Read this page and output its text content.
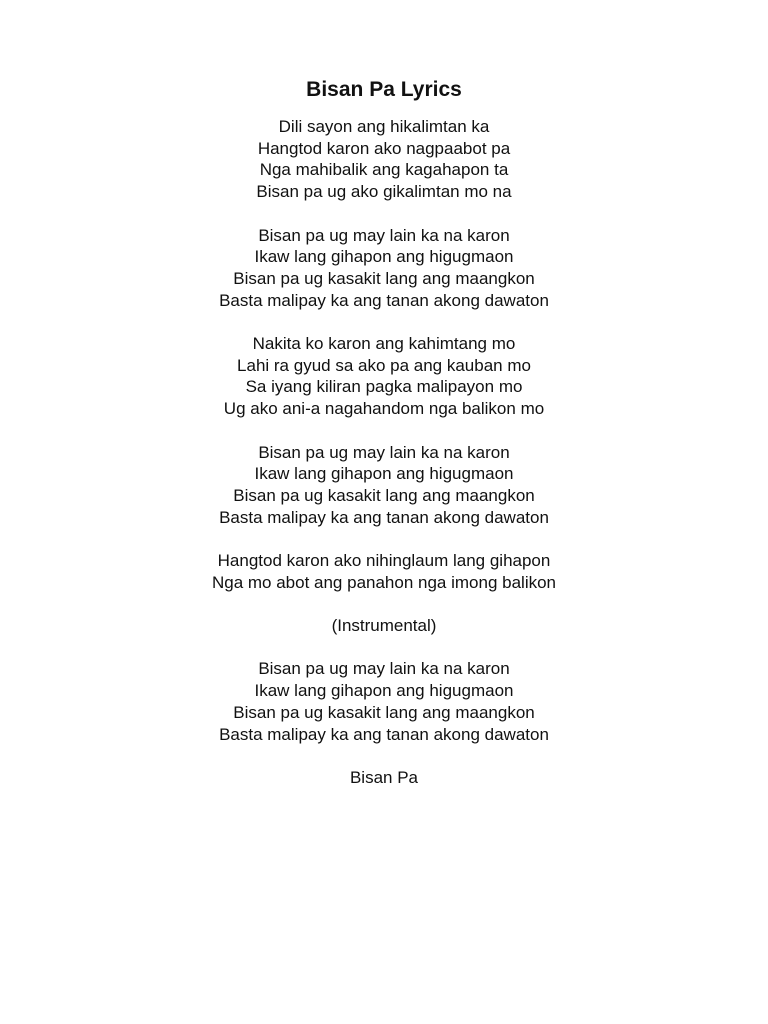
Bisan Pa Lyrics
Dili sayon ang hikalimtan ka
Hangtod karon ako nagpaabot pa
Nga mahibalik ang kagahapon ta
Bisan pa ug ako gikalimtan mo na
Bisan pa ug may lain ka na karon
Ikaw lang gihapon ang higugmaon
Bisan pa ug kasakit lang ang maangkon
Basta malipay ka ang tanan akong dawaton
Nakita ko karon ang kahimtang mo
Lahi ra gyud sa ako pa ang kauban mo
Sa iyang kiliran pagka malipayon mo
Ug ako ani-a nagahandom nga balikon mo
Bisan pa ug may lain ka na karon
Ikaw lang gihapon ang higugmaon
Bisan pa ug kasakit lang ang maangkon
Basta malipay ka ang tanan akong dawaton
Hangtod karon ako nihinglaum lang gihapon
Nga mo abot ang panahon nga imong balikon
(Instrumental)
Bisan pa ug may lain ka na karon
Ikaw lang gihapon ang higugmaon
Bisan pa ug kasakit lang ang maangkon
Basta malipay ka ang tanan akong dawaton
Bisan Pa
